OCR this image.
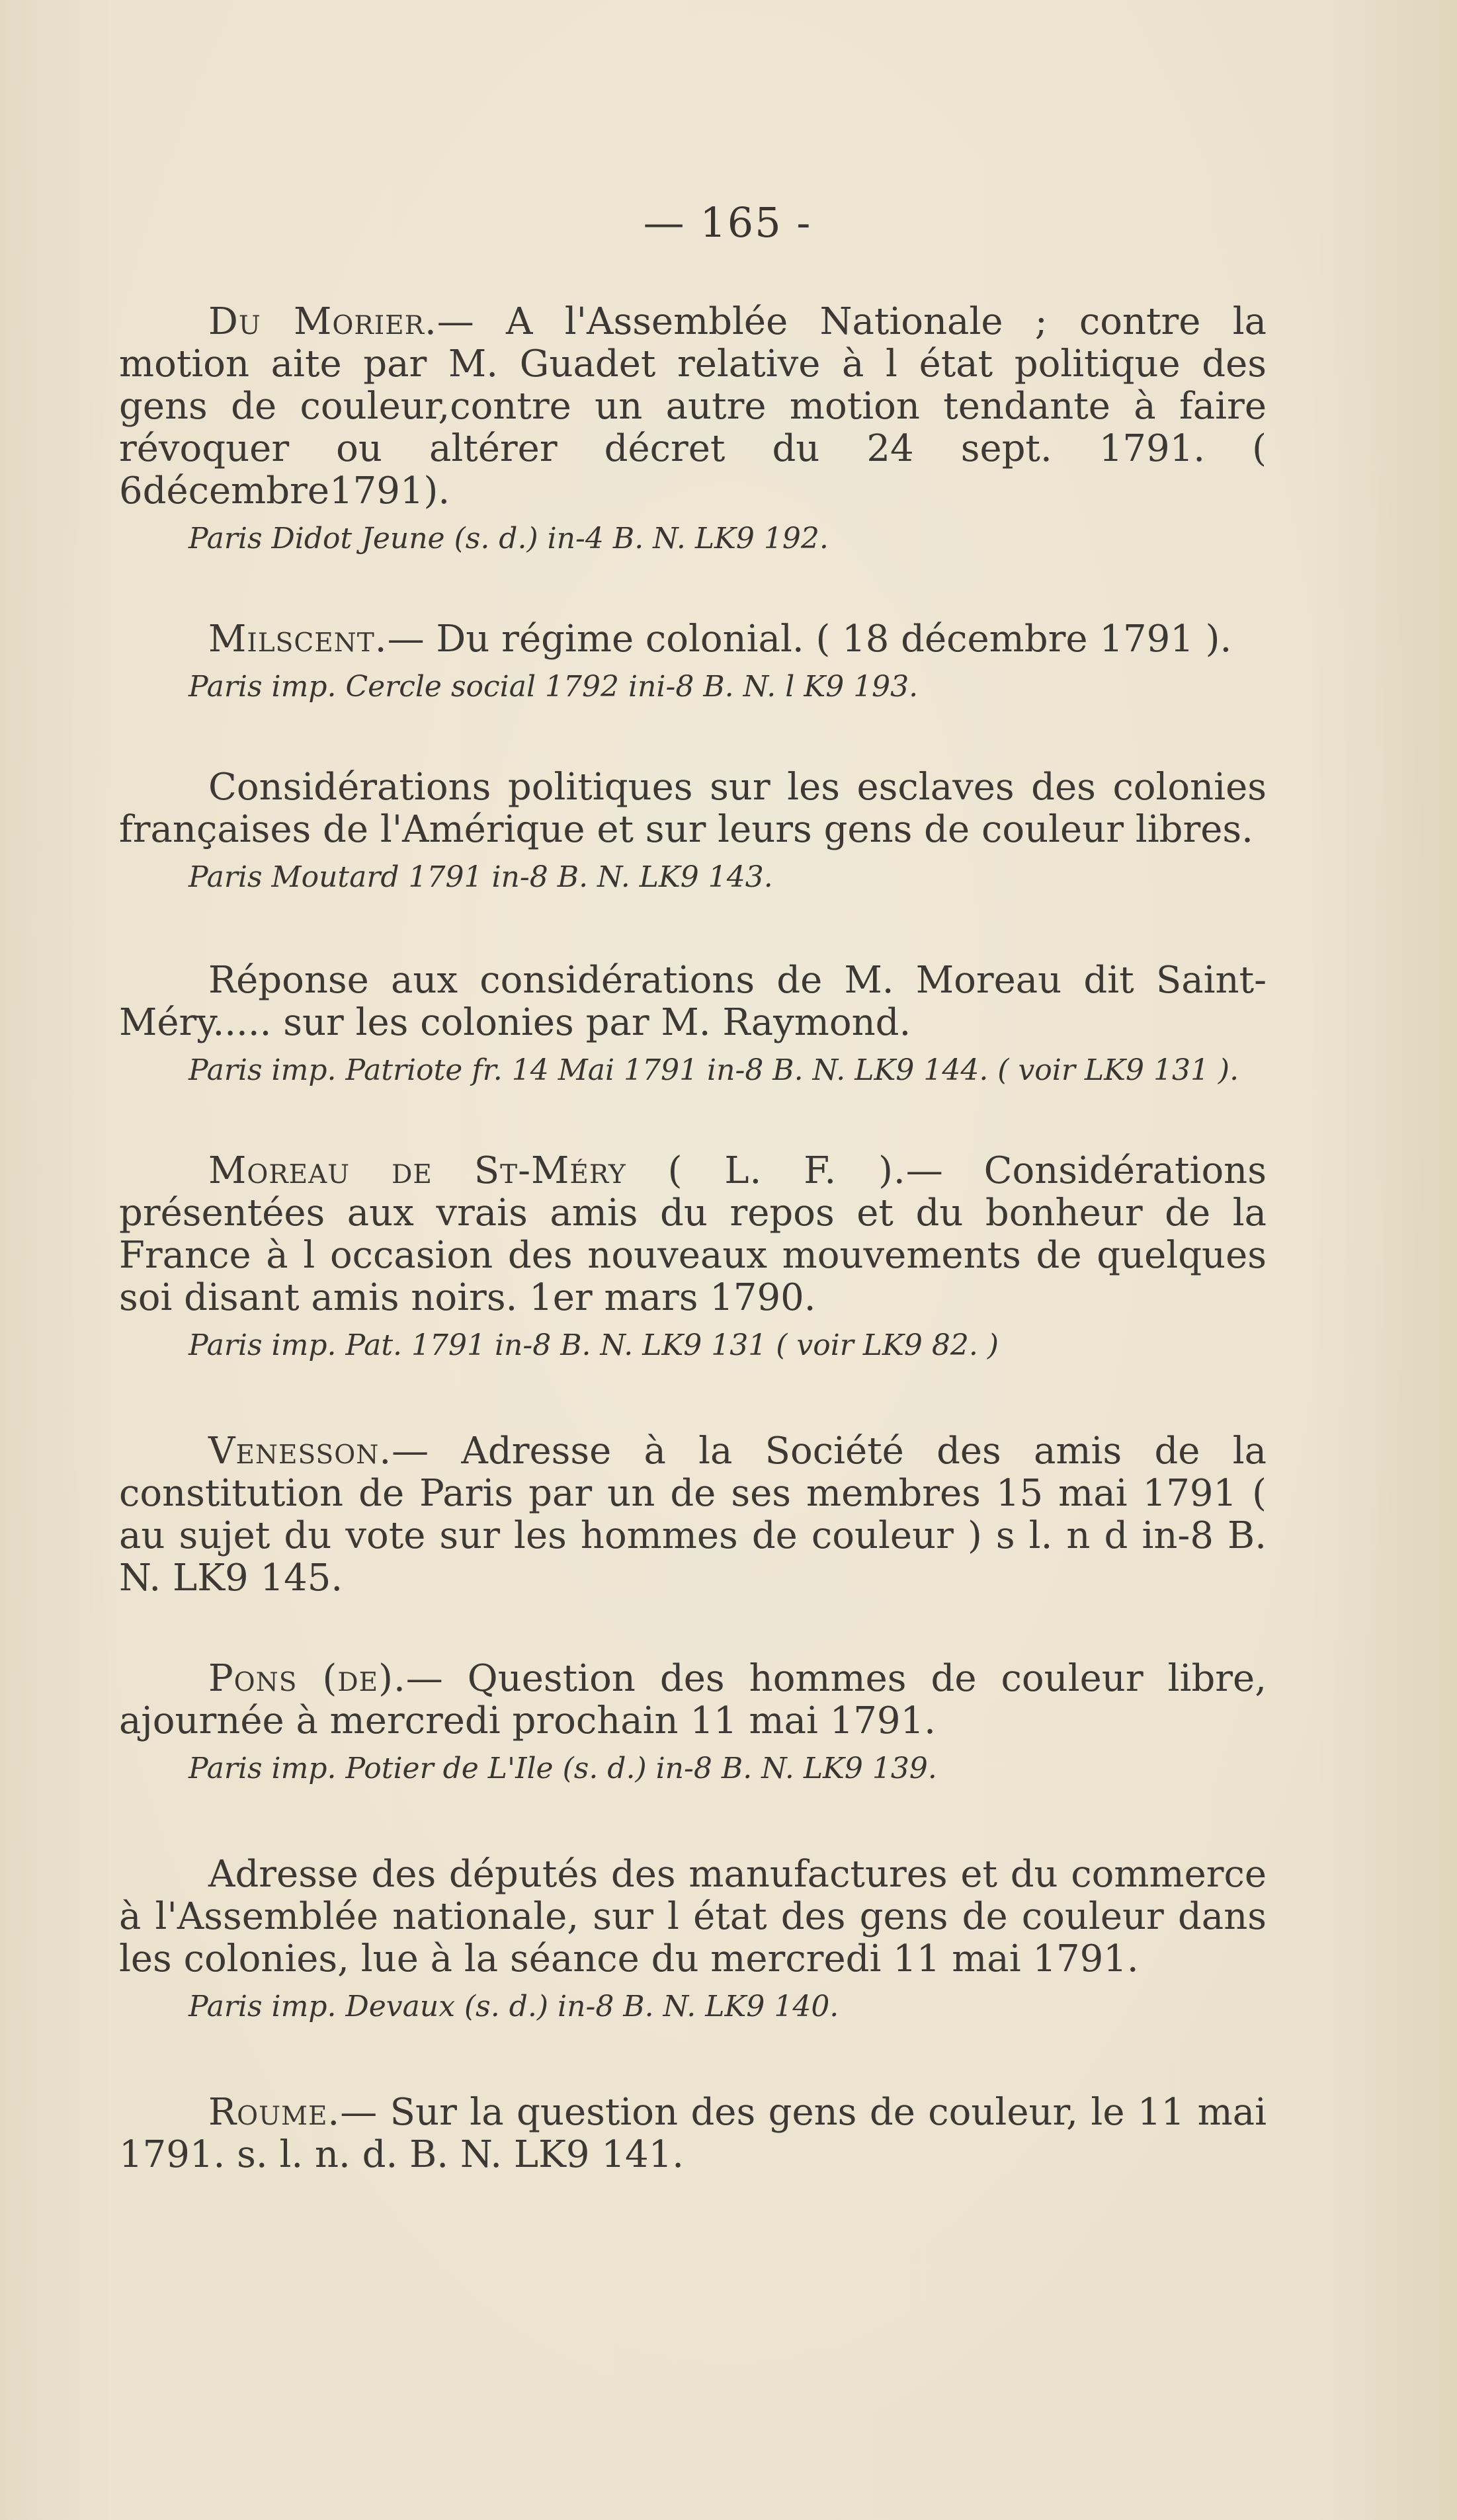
— 165 -

Du Morier.— A l'Assemblée Nationale ; contre la motion aite par M. Guadet relative à l état politique des gens de couleur,contre un autre motion tendante à faire révoquer ou altérer décret du 24 sept. 1791. ( 6décembre1791).

Paris Didot Jeune (s. d.) in-4 B. N. LK9 192.

Milscent.— Du régime colonial. ( 18 décembre 1791 ).

Paris imp. Cercle social 1792 ini-8 B. N. l K9 193.

Considérations politiques sur les esclaves des colonies françaises de l'Amérique et sur leurs gens de couleur libres.

Paris Moutard 1791 in-8 B. N. LK9 143.

Réponse aux considérations de M. Moreau dit Saint-Méry..... sur les colonies par M. Raymond.

Paris imp. Patriote fr. 14 Mai 1791 in-8 B. N. LK9 144. ( voir LK9 131 ).

Moreau de St-Méry ( L. F. ).— Considérations présentées aux vrais amis du repos et du bonheur de la France à l occasion des nouveaux mouvements de quelques soi disant amis noirs. 1er mars 1790.

Paris imp. Pat. 1791 in-8 B. N. LK9 131 ( voir LK9 82. )

Venesson.— Adresse à la Société des amis de la constitution de Paris par un de ses membres 15 mai 1791 ( au sujet du vote sur les hommes de couleur ) s l. n d in-8 B. N. LK9 145.

Pons (de).— Question des hommes de couleur libre, ajournée à mercredi prochain 11 mai 1791.

Paris imp. Potier de L'Ile (s. d.) in-8 B. N. LK9 139.

Adresse des députés des manufactures et du commerce à l'Assemblée nationale, sur l état des gens de couleur dans les colonies, lue à la séance du mercredi 11 mai 1791.

Paris imp. Devaux (s. d.) in-8 B. N. LK9 140.

Roume.— Sur la question des gens de couleur, le 11 mai 1791. s. l. n. d. B. N. LK9 141.
